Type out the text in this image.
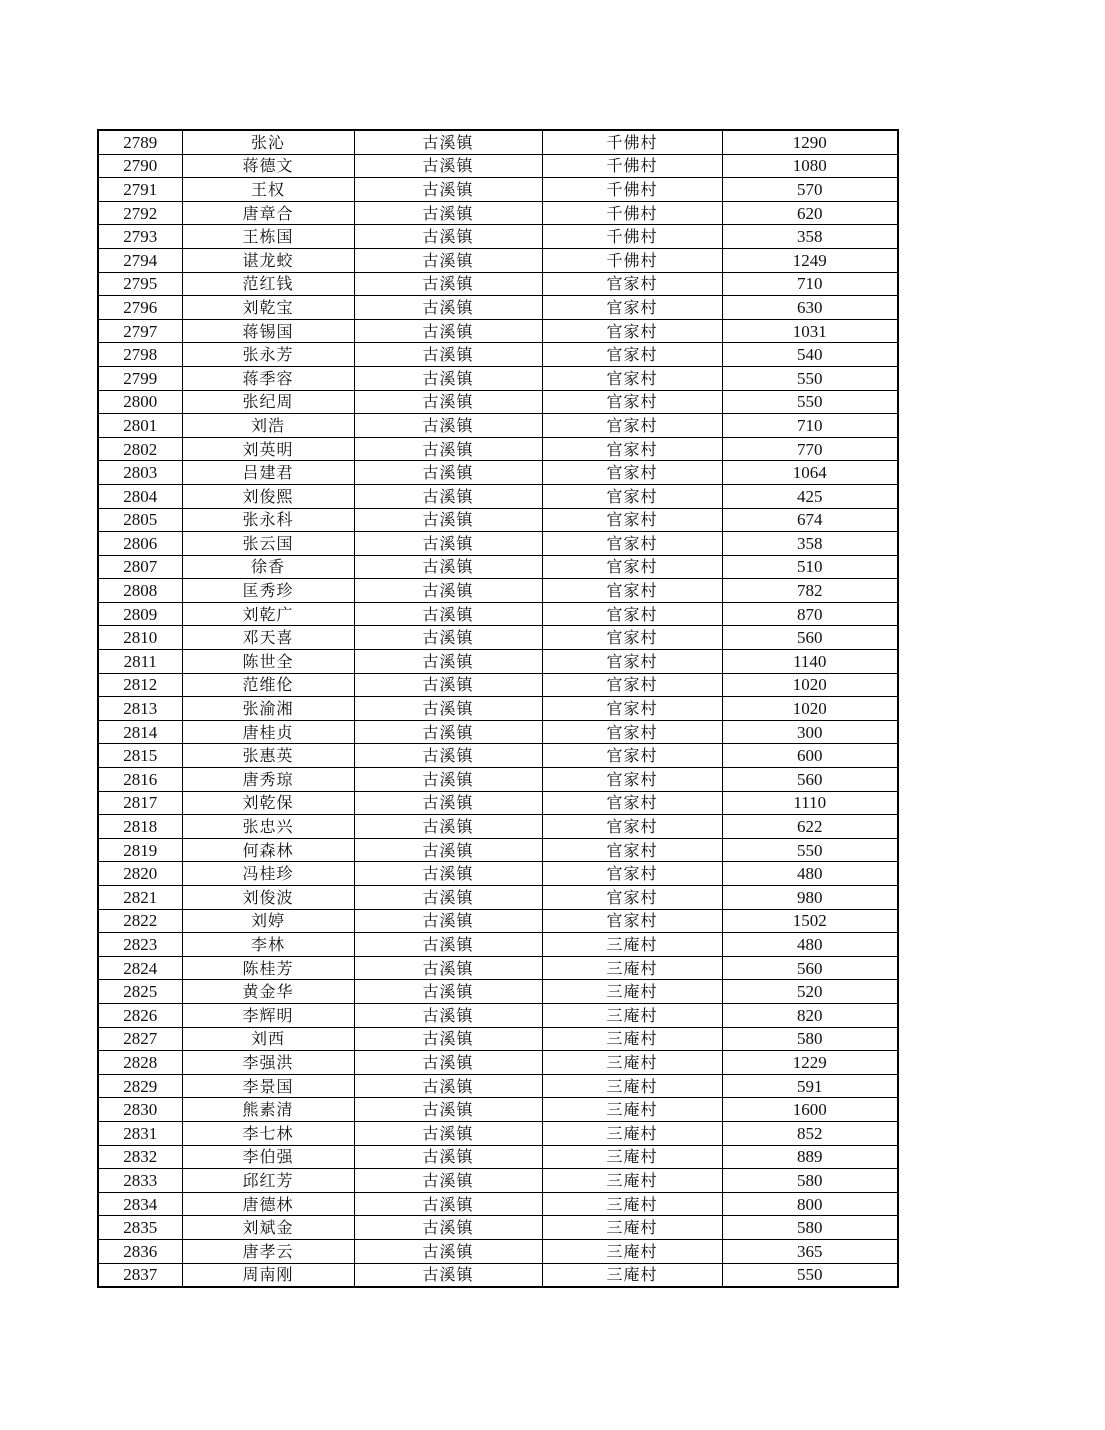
2789	张沁	古溪镇	千佛村	1290
2790	蒋德文	古溪镇	千佛村	1080
2791	王权	古溪镇	千佛村	570
2792	唐章合	古溪镇	千佛村	620
2793	王栋国	古溪镇	千佛村	358
2794	谌龙蛟	古溪镇	千佛村	1249
2795	范红钱	古溪镇	官家村	710
2796	刘乾宝	古溪镇	官家村	630
2797	蒋锡国	古溪镇	官家村	1031
2798	张永芳	古溪镇	官家村	540
2799	蒋季容	古溪镇	官家村	550
2800	张纪周	古溪镇	官家村	550
2801	刘浩	古溪镇	官家村	710
2802	刘英明	古溪镇	官家村	770
2803	吕建君	古溪镇	官家村	1064
2804	刘俊熙	古溪镇	官家村	425
2805	张永科	古溪镇	官家村	674
2806	张云国	古溪镇	官家村	358
2807	徐香	古溪镇	官家村	510
2808	匡秀珍	古溪镇	官家村	782
2809	刘乾广	古溪镇	官家村	870
2810	邓天喜	古溪镇	官家村	560
2811	陈世全	古溪镇	官家村	1140
2812	范维伦	古溪镇	官家村	1020
2813	张渝湘	古溪镇	官家村	1020
2814	唐桂贞	古溪镇	官家村	300
2815	张惠英	古溪镇	官家村	600
2816	唐秀琼	古溪镇	官家村	560
2817	刘乾保	古溪镇	官家村	1110
2818	张忠兴	古溪镇	官家村	622
2819	何森林	古溪镇	官家村	550
2820	冯桂珍	古溪镇	官家村	480
2821	刘俊波	古溪镇	官家村	980
2822	刘婷	古溪镇	官家村	1502
2823	李林	古溪镇	三庵村	480
2824	陈桂芳	古溪镇	三庵村	560
2825	黄金华	古溪镇	三庵村	520
2826	李辉明	古溪镇	三庵村	820
2827	刘西	古溪镇	三庵村	580
2828	李强洪	古溪镇	三庵村	1229
2829	李景国	古溪镇	三庵村	591
2830	熊素清	古溪镇	三庵村	1600
2831	李七林	古溪镇	三庵村	852
2832	李伯强	古溪镇	三庵村	889
2833	邱红芳	古溪镇	三庵村	580
2834	唐德林	古溪镇	三庵村	800
2835	刘斌金	古溪镇	三庵村	580
2836	唐孝云	古溪镇	三庵村	365
2837	周南刚	古溪镇	三庵村	550
